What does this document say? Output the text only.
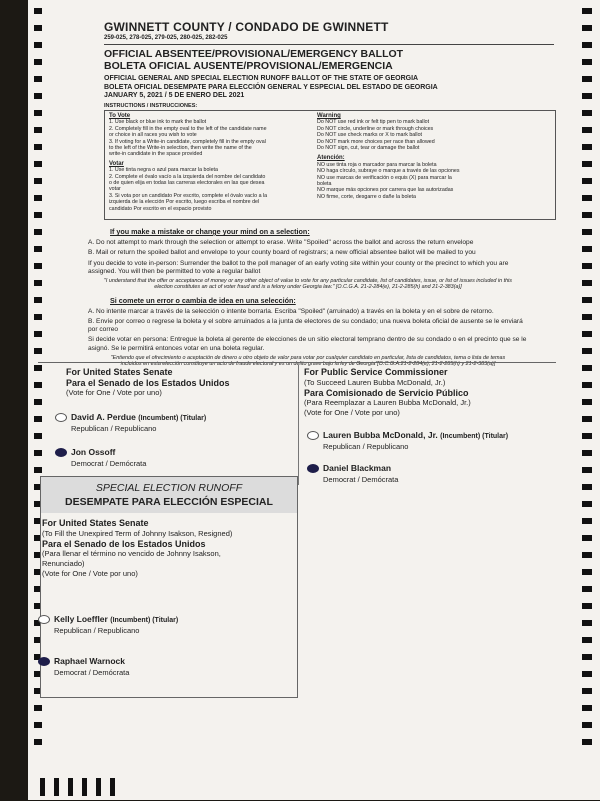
GWINNETT COUNTY / CONDADO DE GWINNETT
259-025, 278-025, 279-025, 280-025, 282-025
OFFICIAL ABSENTEE/PROVISIONAL/EMERGENCY BALLOT
BOLETA OFICIAL AUSENTE/PROVISIONAL/EMERGENCIA
OFFICIAL GENERAL AND SPECIAL ELECTION RUNOFF BALLOT OF THE STATE OF GEORGIA
BOLETA OFICIAL DESEMPATE PARA ELECCIÓN GENERAL Y ESPECIAL DEL ESTADO DE GEORGIA
JANUARY 5, 2021 / 5 DE ENERO DEL 2021
INSTRUCTIONS / INSTRUCCIONES:
To Vote
1. Use black or blue ink to mark the ballot
2. Completely fill in the empty oval to the left of the candidate name
or choice in all races you wish to vote
3. If voting for a Write-in candidate, completely fill in the empty oval
to the left of the Write-in selection, then write the name of the
write-in candidate in the space provided
Votar
1. Use tinta negra o azul para marcar la boleta
2. Complete el óvalo vacío a la izquierda del nombre del candidato
o de quien elija en todas las carreras electorales en las que desea
votar
3. Si vota por un candidato Por escrito, complete el óvalo vacío a la
izquierda de la elección Por escrito, luego escriba el nombre del
candidato Por escrito en el espacio provisto
Warning
Do NOT use red ink or felt tip pen to mark ballot
Do NOT circle, underline or mark through choices
Do NOT use check marks or X to mark ballot
Do NOT mark more choices per race than allowed
Do NOT sign, cut, tear or damage the ballot
Atención:
NO use tinta roja o marcador para marcar la boleta
NO haga círculo, subraye o marque a través de las opciones
NO use marcas de verificación o equis (X) para marcar la
boleta
NO marque más opciones por carrera que las autorizadas
NO firme, corte, desgarre o dañe la boleta
If you make a mistake or change your mind on a selection:

A. Do not attempt to mark through the selection or attempt to erase. Write "Spoiled" across the ballot and across the return envelope

B. Mail or return the spoiled ballot and envelope to your county board of registrars; a new official absentee ballot will be mailed to you

If you decide to vote in-person: Surrender the ballot to the poll manager of an early voting site within your county or the precinct to which you are assigned. You will then be permitted to vote a regular ballot

"I understand that the offer or acceptance of money or any other object of value to vote for any particular candidate, list of candidates, issue, or list of issues included in this election constitutes an act of voter fraud and is a felony under Georgia law." [O.C.G.A. 21-2-284(e), 21-2-285(h) and 21-2-383(a)]
Si comete un error o cambia de idea en una selección:

A. No intente marcar a través de la selección o intente borrarla. Escriba "Spoiled" (arruinado) a través en la boleta y en el sobre de retorno.

B. Envíe por correo o regrese la boleta y el sobre arruinados a la junta de electores de su condado; una nueva boleta oficial de ausente se le enviará por correo

Si decide votar en persona: Entregue la boleta al gerente de elecciones de un sitio electoral temprano dentro de su condado o en el precinto que se le asignó. Se le permitirá entonces votar en una boleta regular.

"Entiendo que el ofrecimiento o aceptación de dinero u otro objeto de valor para votar por cualquier candidato en particular, lista de candidatos, tema o lista de temas incluidos en esta elección constituye un acto de fraude electoral y es un delito grave bajo la ley de Georgia"[O.C.G.A.21-2-284(e), 21-2-285(h) y 21-2-383(a)]
For United States Senate
Para el Senado de los Estados Unidos
(Vote for One / Vote por uno)
David A. Perdue (Incumbent) (Titular)
Republican / Republicano
Jon Ossoff
Democrat / Demócrata
For Public Service Commissioner
(To Succeed Lauren Bubba McDonald, Jr.)
Para Comisionado de Servicio Público
(Para Reemplazar a Lauren Bubba McDonald, Jr.)
(Vote for One / Vote por uno)
Lauren Bubba McDonald, Jr. (Incumbent) (Titular)
Republican / Republicano
Daniel Blackman
Democrat / Demócrata
SPECIAL ELECTION RUNOFF
DESEMPATE PARA ELECCIÓN ESPECIAL
For United States Senate
(To Fill the Unexpired Term of Johnny Isakson, Resigned)
Para el Senado de los Estados Unidos
(Para llenar el término no vencido de Johnny Isakson,
Renunciado)
(Vote for One / Vote por uno)
Kelly Loeffler (Incumbent) (Titular)
Republican / Republicano
Raphael Warnock
Democrat / Demócrata
